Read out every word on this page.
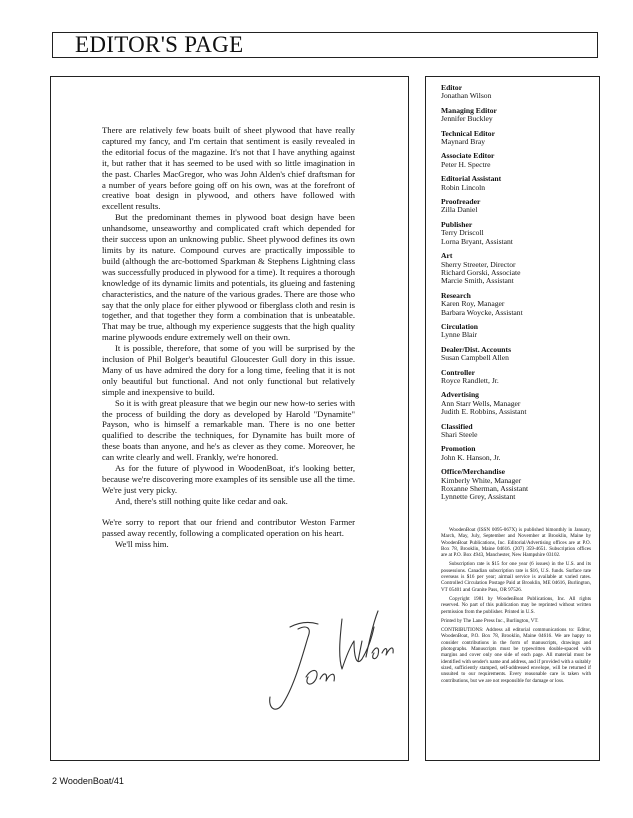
EDITOR'S PAGE

There are relatively few boats built of sheet plywood that have really captured my fancy, and I'm certain that sentiment is easily revealed in the editorial focus of the magazine. It's not that I have anything against it, but rather that it has seemed to be used with so little imagination in the past. Charles MacGregor, who was John Alden's chief draftsman for a number of years before going off on his own, was at the forefront of creative boat design in plywood, and others have followed with excellent results.

But the predominant themes in plywood boat design have been unhandsome, unseaworthy and complicated craft which depended for their success upon an unknowing public. Sheet plywood defines its own limits by its nature. Compound curves are practically impossible to build (although the arc-bottomed Sparkman & Stephens Lightning class was successfully produced in plywood for a time). It requires a thorough knowledge of its dynamic limits and potentials, its glueing and fastening characteristics, and the nature of the various grades. There are those who say that the only place for either plywood or fiberglass cloth and resin is together, and that together they form a combination that is unbeatable. That may be true, although my experience suggests that the high quality marine plywoods endure extremely well on their own.

It is possible, therefore, that some of you will be surprised by the inclusion of Phil Bolger's beautiful Gloucester Gull dory in this issue. Many of us have admired the dory for a long time, feeling that it is not only beautiful but functional. And not only functional but relatively simple and inexpensive to build.

So it is with great pleasure that we begin our new how-to series with the process of building the dory as developed by Harold "Dynamite" Payson, who is himself a remarkable man. There is no one better qualified to describe the techniques, for Dynamite has built more of these boats than anyone, and he's as clever as they come. Moreover, he can write clearly and well. Frankly, we're honored.

As for the future of plywood in WoodenBoat, it's looking better, because we're discovering more examples of its sensible use all the time. We're just very picky.

And, there's still nothing quite like cedar and oak.

We're sorry to report that our friend and contributor Weston Farmer passed away recently, following a complicated operation on his heart.

We'll miss him.

Editor
Jonathan Wilson
Managing Editor
Jennifer Buckley
Technical Editor
Maynard Bray
Associate Editor
Peter H. Spectre
Editorial Assistant
Robin Lincoln
Proofreader
Zilla Daniel
Publisher
Terry Driscoll
Lorna Bryant, Assistant
Art
Sherry Streeter, Director
Richard Gorski, Associate
Marcie Smith, Assistant
Research
Karen Roy, Manager
Barbara Woycke, Assistant
Circulation
Lynne Blair
Dealer/Dist. Accounts
Susan Campbell Allen
Controller
Royce Randlett, Jr.
Advertising
Ann Starr Wells, Manager
Judith E. Robbins, Assistant
Classified
Shari Steele
Promotion
John K. Hanson, Jr.
Office/Merchandise
Kimberly White, Manager
Roxanne Sherman, Assistant
Lynnette Grey, Assistant

WoodenBoat (ISSN 0095-067X) is published bimonthly in January, March, May, July, September and November at Brooklin, Maine by WoodenBoat Publications, Inc. Editorial/Advertising offices are at P.O. Box 78, Brooklin, Maine 04616. (207) 359-4651. Subscription offices are at P.O. Box 4943, Manchester, New Hampshire 03102.

Subscription rate is $15 for one year (6 issues) in the U.S. and its possessions. Canadian subscription rate is $16, U.S. funds. Surface rate overseas is $16 per year; airmail service is available at varied rates. Controlled Circulation Postage Paid at Brooklin, ME 04616, Burlington, VT 05401 and Granite Pass, OR 97526.

Copyright 1981 by WoodenBoat Publications, Inc. All rights reserved. No part of this publication may be reprinted without written permission from the publisher. Printed in U.S.

Printed by The Lane Press Inc., Burlington, VT.

CONTRIBUTIONS: Address all editorial communications to: Editor, WoodenBoat, P.O. Box 78, Brooklin, Maine 04616. We are happy to consider contributions in the form of manuscripts, drawings and photographs. Manuscripts must be typewritten double-spaced with margins and cover only one side of each page. All material must be identified with sender's name and address, and if provided with a suitably sized, sufficiently stamped, self-addressed envelope, will be returned if unsuited to our requirements. Every reasonable care is taken with contributions, but we are not responsible for damage or loss.

2 WoodenBoat/41
